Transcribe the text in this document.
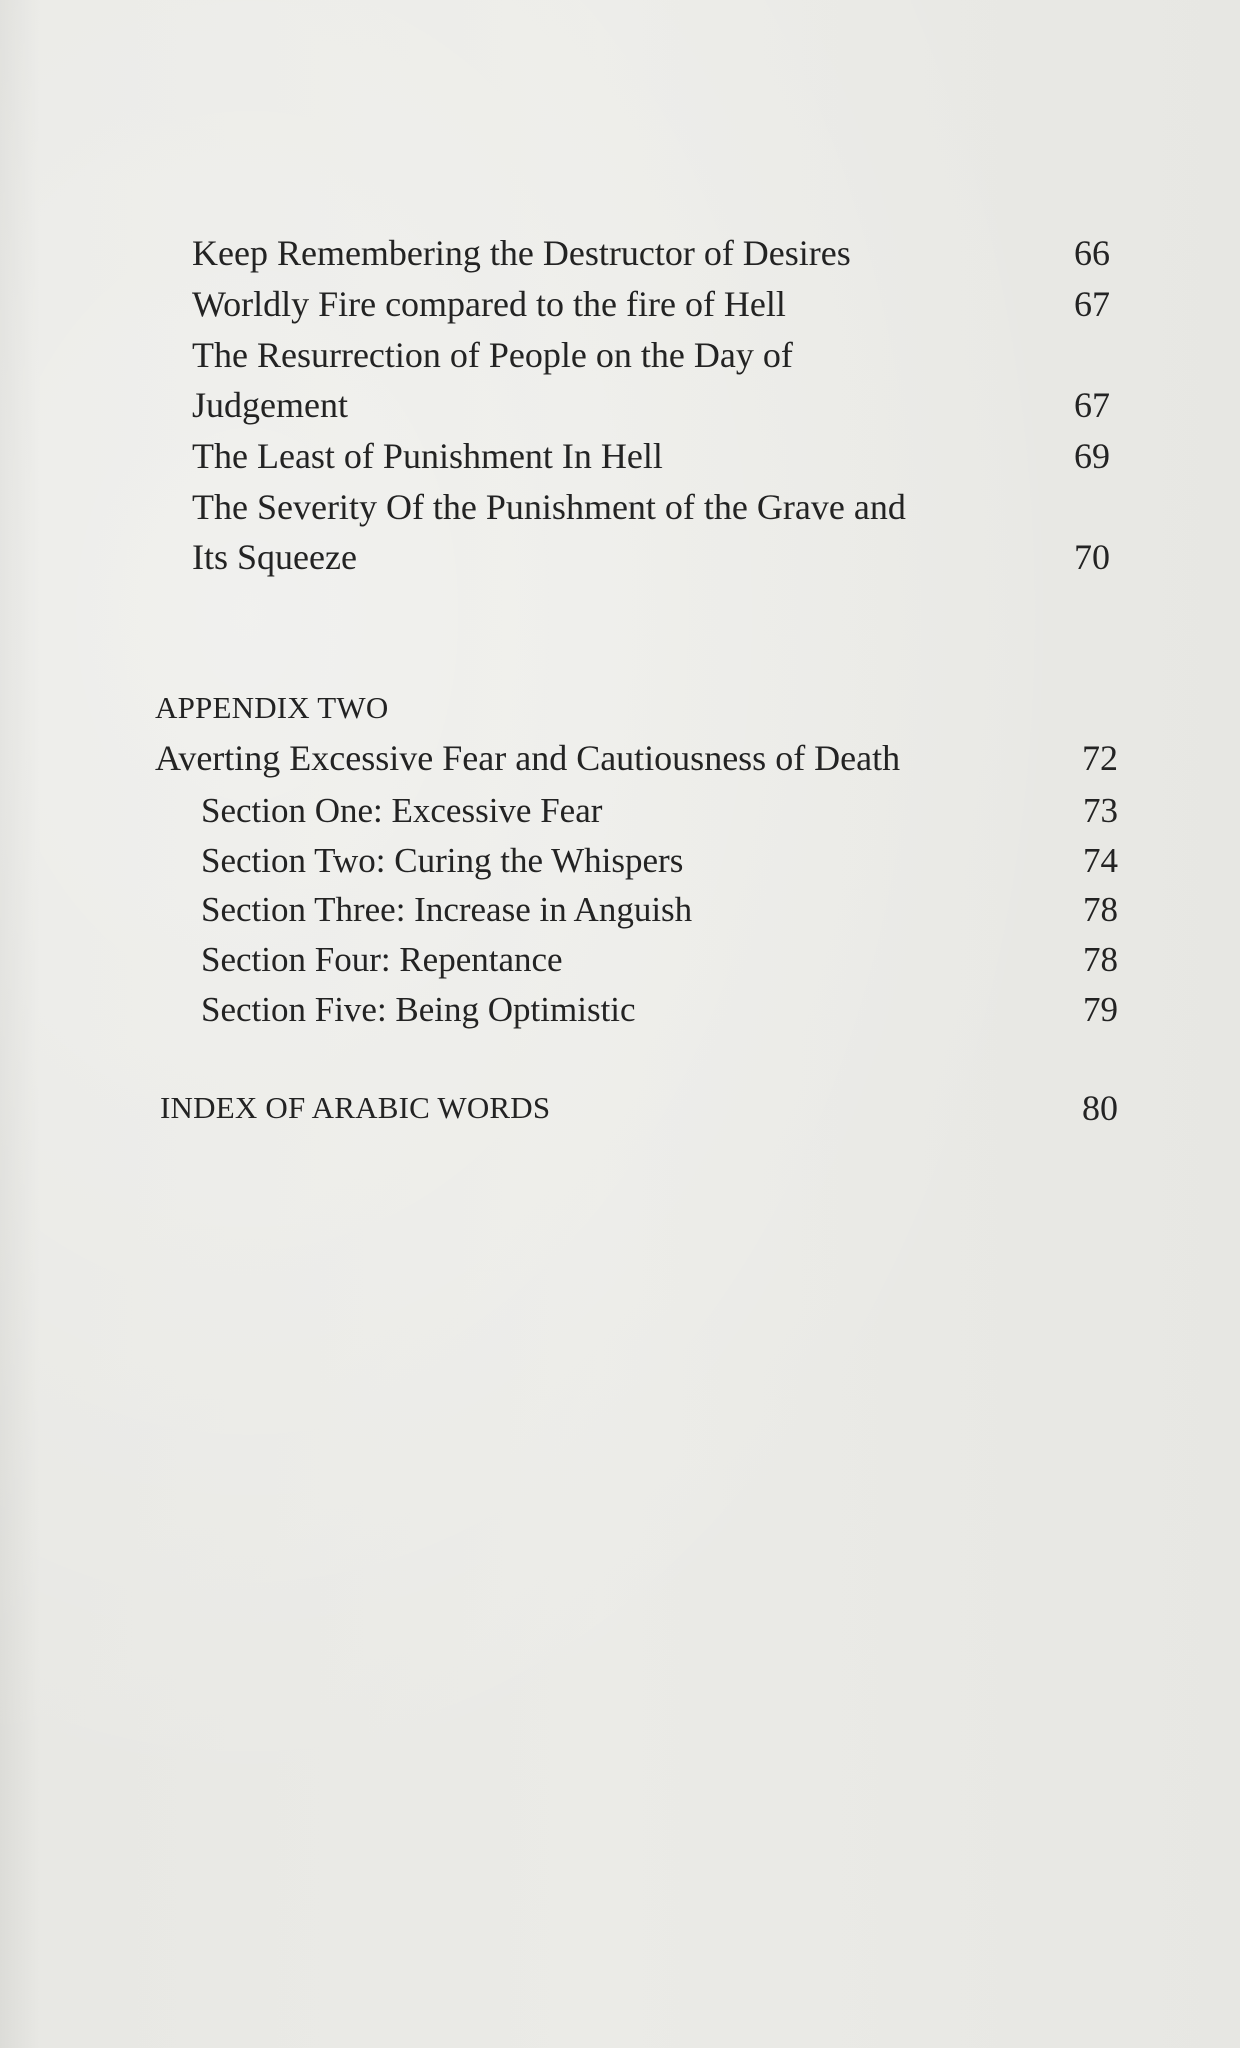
Keep Remembering the Destructor of Desires	66
Worldly Fire compared to the fire of Hell	67
The Resurrection of People on the Day of
Judgement	67
The Least of Punishment In Hell	69
The Severity Of the Punishment of the Grave and
Its Squeeze	70
APPENDIX TWO
Averting Excessive Fear and Cautiousness of Death	72
Section One: Excessive Fear	73
Section Two: Curing the Whispers	74
Section Three: Increase in Anguish	78
Section Four: Repentance	78
Section Five: Being Optimistic	79
INDEX OF ARABIC WORDS	80
